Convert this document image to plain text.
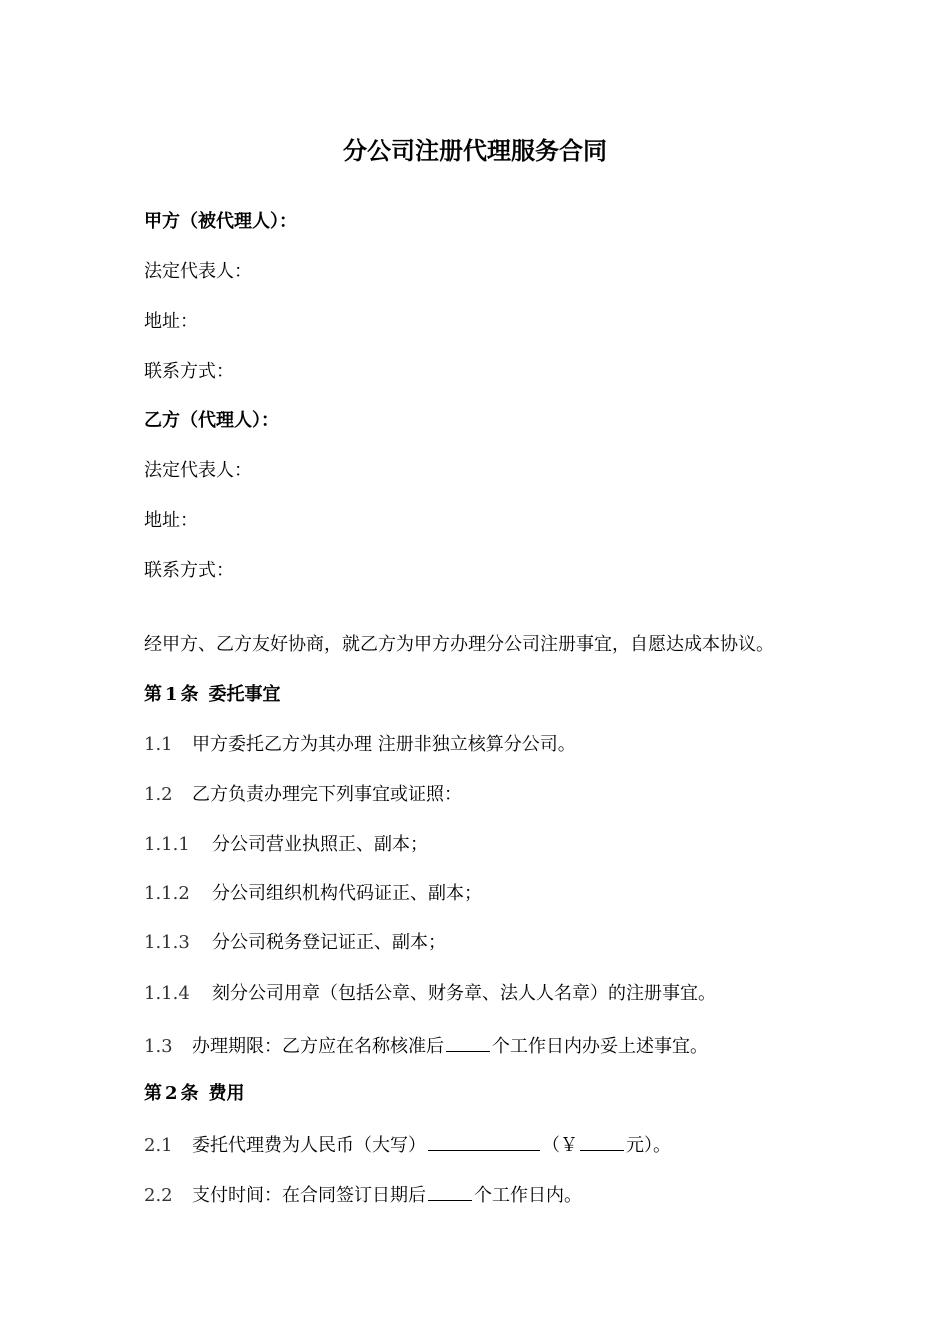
分公司注册代理服务合同
甲方（被代理人）：
法定代表人：
地址：
联系方式：
乙方（代理人）：
法定代表人：
地址：
联系方式：
经甲方、乙方友好协商，就乙方为甲方办理分公司注册事宜，自愿达成本协议。
第 1 条 委托事宜
1.1 甲方委托乙方为其办理 注册非独立核算分公司。
1.2 乙方负责办理完下列事宜或证照：
1.1.1 分公司营业执照正、副本；
1.1.2 分公司组织机构代码证正、副本；
1.1.3 分公司税务登记证正、副本；
1.1.4 刻分公司用章（包括公章、财务章、法人人名章）的注册事宜。
1.3 办理期限：乙方应在名称核准后	个工作日内办妥上述事宜。
第 2 条 费用
2.1 委托代理费为人民币（大写）	（￥	元）。
2.2 支付时间：在合同签订日期后	个工作日内。
